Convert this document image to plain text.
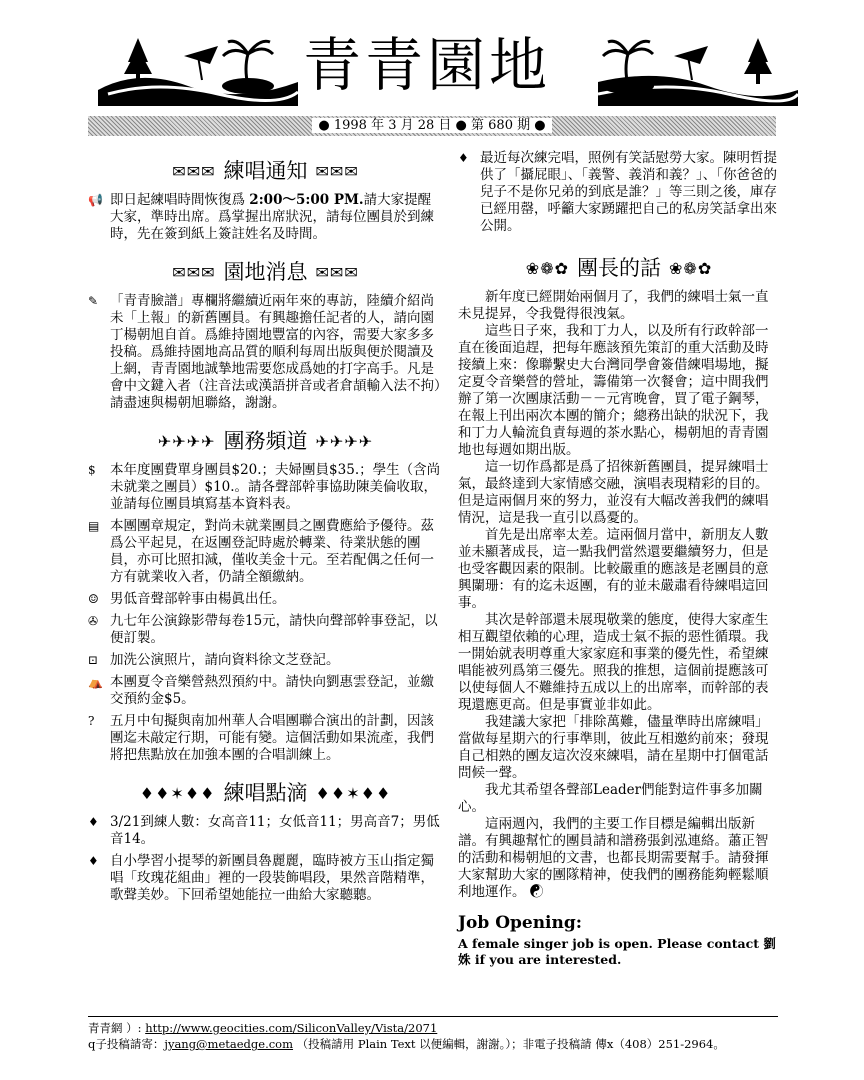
青青園地
● 1998 年 3 月 28 日 ● 第 680 期 ●
✉✉✉ 練唱通知 ✉✉✉
📢 即日起練唱時間恢復爲 2:00～5:00 PM.請大家提醒大家，準時出席。爲掌握出席狀況，請每位團員於到練時，先在簽到紙上簽註姓名及時間。

✉✉✉ 園地消息 ✉✉✉
✎ 「青青臉譜」專欄將繼續近兩年來的專訪，陸續介紹尚未「上報」的新舊團員。有興趣擔任記者的人，請向園丁楊朝旭自首。爲維持園地豐富的內容，需要大家多多投稿。爲維持園地高品質的順利每周出版與便於閱讀及上網，青青園地誠摯地需要您成爲她的打字高手。凡是會中文鍵入者（注音法或漢語拼音或者倉頡輸入法不拘）請盡速與楊朝旭聯絡，謝謝。

✈✈✈✈ 團務頻道 ✈✈✈✈
$	本年度團費單身團員$20.；夫婦團員$35.；學生（含尚未就業之團員）$10.。請各聲部幹事協助陳美倫收取，並請每位團員填寫基本資料表。

▤ 本團團章規定，對尚未就業團員之團費應給予優待。茲爲公平起見，在返團登記時處於轉業、待業狀態的團員，亦可比照扣減，僅收美金十元。至若配偶之任何一方有就業收入者，仍請全額繳納。

☺ 男低音聲部幹事由楊眞出任。

✇ 九七年公演錄影帶每卷15元，請快向聲部幹事登記，以便訂製。

⊡ 加洗公演照片，請向資料徐文芝登記。

⛺ 本團夏令音樂營熱烈預約中。請快向劉惠雲登記，並繳交預約金$5。

?	五月中旬擬與南加州華人合唱團聯合演出的計劃，因該團迄未敲定行期，可能有變。這個活動如果流產，我們將把焦點放在加強本團的合唱訓練上。

♦♦✶♦♦ 練唱點滴 ♦♦✶♦♦
♦ 3/21到練人數：女高音11；女低音11；男高音7；男低音14。

♦ 自小學習小提琴的新團員魯麗麗，臨時被方玉山指定獨唱「玫瑰花組曲」裡的一段裝飾唱段，果然音階精準，歌聲美妙。下回希望她能拉一曲給大家聽聽。

♦ 最近每次練完唱，照例有笑話慰勞大家。陳明哲提供了「攝屁眼」、「義警、義消和義？」、「你爸爸的兒子不是你兄弟的到底是誰？」等三則之後，庫存已經用罄，呼籲大家踴躍把自己的私房笑話拿出來公開。

❀❁✿ 團長的話 ❀❁✿

新年度已經開始兩個月了，我們的練唱士氣一直未見提昇，令我覺得很洩氣。

這些日子來，我和丁力人，以及所有行政幹部一直在後面追趕，把每年應該預先策訂的重大活動及時接續上來：像聯繫史大台灣同學會簽借練唱場地，擬定夏令音樂營的營址，籌備第一次餐會；這中間我們辦了第一次團康活動－－元宵晚會，買了電子鋼琴，在報上刊出兩次本團的簡介；總務出缺的狀況下，我和丁力人輪流負責每週的茶水點心，楊朝旭的青青園地也每週如期出版。

這一切作爲都是爲了招徠新舊團員，提昇練唱士氣，最終達到大家情感交融，演唱表現精彩的目的。但是這兩個月來的努力，並沒有大幅改善我們的練唱情況，這是我一直引以爲憂的。

首先是出席率太差。這兩個月當中，新朋友人數並未顯著成長，這一點我們當然還要繼續努力，但是也受客觀因素的限制。比較嚴重的應該是老團員的意興闌珊：有的迄未返團，有的並未嚴肅看待練唱這回事。

其次是幹部還未展現敬業的態度，使得大家產生相互觀望依賴的心理，造成士氣不振的惡性循環。我一開始就表明尊重大家家庭和事業的優先性，希望練唱能被列爲第三優先。照我的推想，這個前提應該可以使每個人不難維持五成以上的出席率，而幹部的表現還應更高。但是事實並非如此。

我建議大家把「排除萬難，儘量準時出席練唱」當做每星期六的行事準則，彼此互相邀約前來；發現自己相熟的團友這次沒來練唱，請在星期中打個電話問候一聲。

我尤其希望各聲部Leader們能對這件事多加關心。

這兩週內，我們的主要工作目標是編輯出版新譜。有興趣幫忙的團員請和譜務張釗泓連絡。蕭正智的活動和楊朝旭的文書，也都長期需要幫手。請發揮大家幫助大家的團隊精神，使我們的團務能夠輕鬆順利地運作。 ☯

Job Opening:

A female singer job is open. Please contact 劉姝 if you are interested.

青青網 ）: http://www.geocities.com/SiliconValley/Vista/2071
q子投稿請寄：jyang@metaedge.com （投稿請用 Plain Text 以便編輯，謝謝。）；非電子投稿請 傳x（408）251-2964。
